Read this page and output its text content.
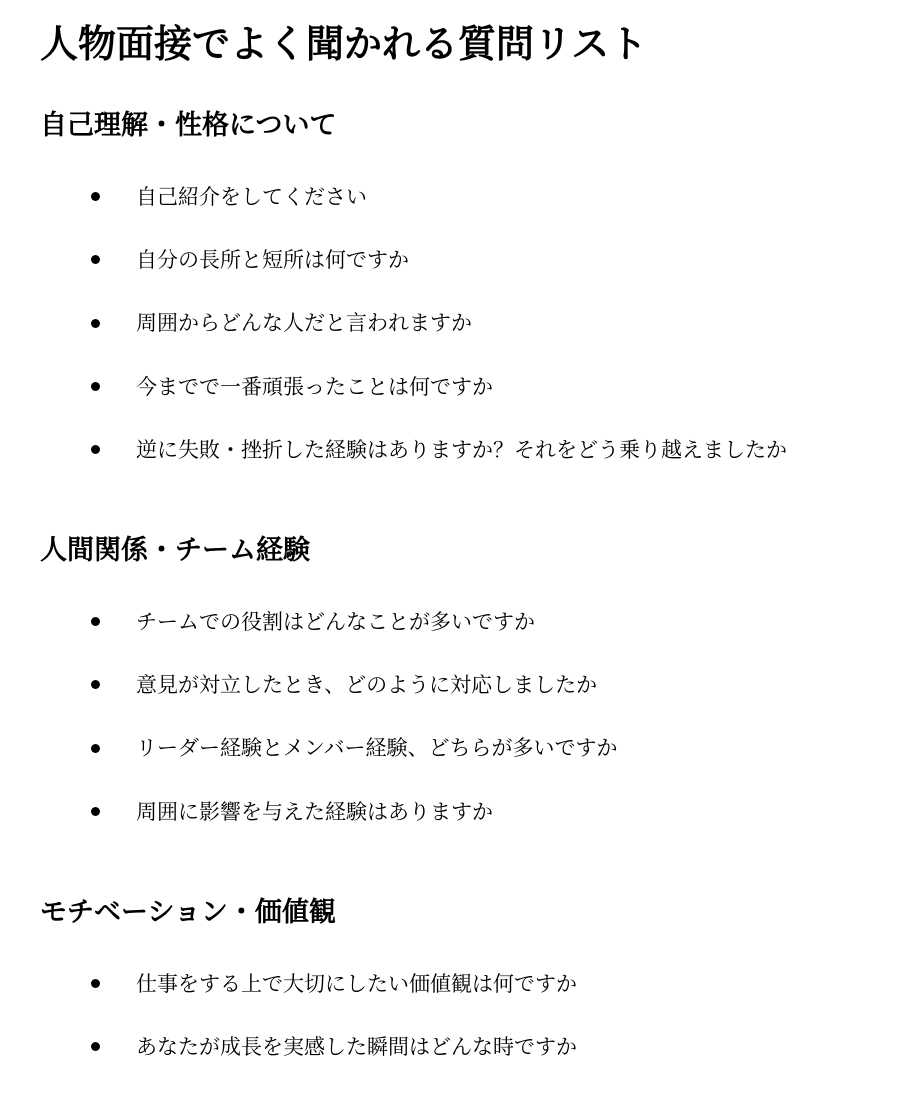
人物面接でよく聞かれる質問リスト
自己理解・性格について
自己紹介をしてください
自分の長所と短所は何ですか
周囲からどんな人だと言われますか
今までで一番頑張ったことは何ですか
逆に失敗・挫折した経験はありますか？それをどう乗り越えましたか
人間関係・チーム経験
チームでの役割はどんなことが多いですか
意見が対立したとき、どのように対応しましたか
リーダー経験とメンバー経験、どちらが多いですか
周囲に影響を与えた経験はありますか
モチベーション・価値観
仕事をする上で大切にしたい価値観は何ですか
あなたが成長を実感した瞬間はどんな時ですか
